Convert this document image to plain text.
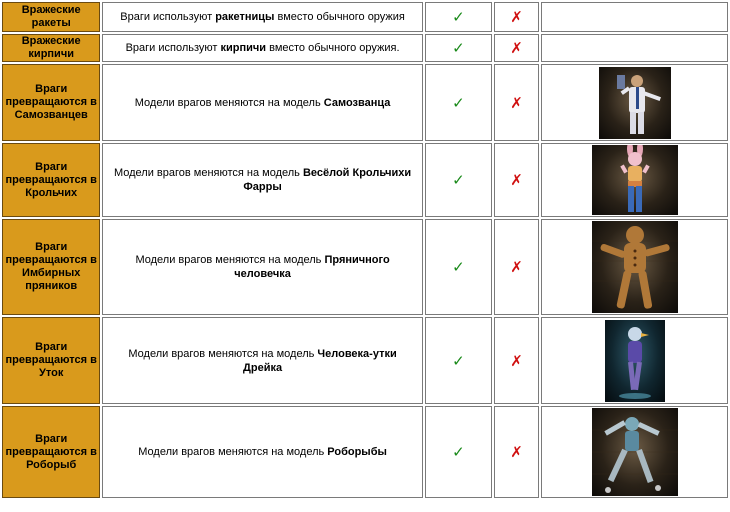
Вражеские ракеты	Враги используют ракетницы вместо обычного оружия	✓	✗	
Вражеские кирпичи	Враги используют кирпичи вместо обычного оружия.	✓	✗	
Враги превращаются в Самозванцев	Модели врагов меняются на модель Самозванца	✓	✗	

Враги превращаются в Крольчих	Модели врагов меняются на модель Весёлой Крольчихи Фарры	✓	✗	

Враги превращаются в Имбирных пряников	Модели врагов меняются на модель Пряничного человечка	✓	✗	

Враги превращаются в Уток	Модели врагов меняются на модель Человека-утки Дрейка	✓	✗	

Враги превращаются в Роборыб	Модели врагов меняются на модель Роборыбы	✓	✗	
